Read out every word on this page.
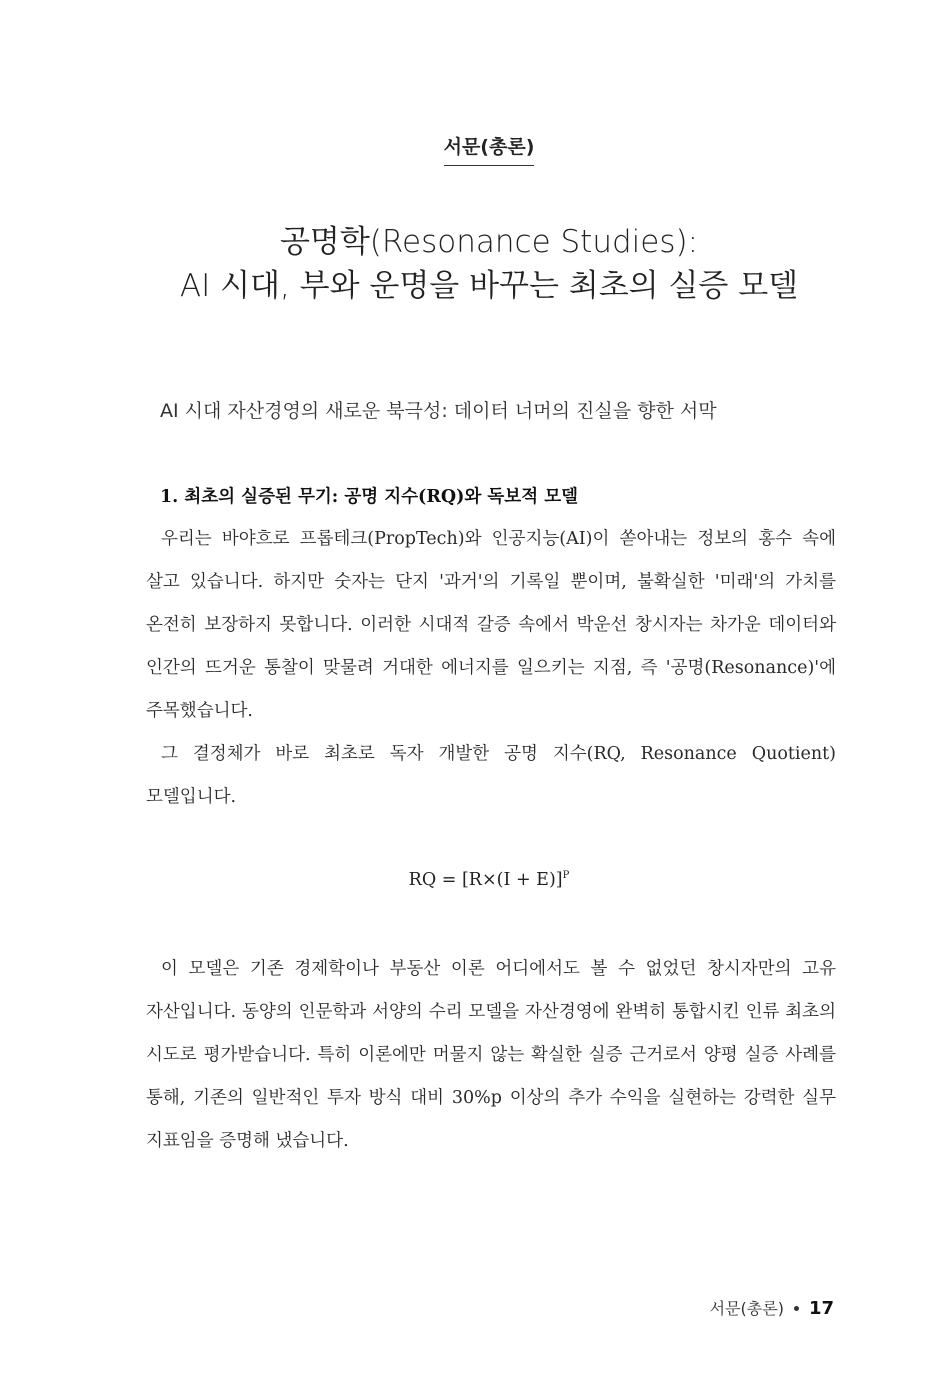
서문(총론)
공명학(Resonance Studies):
AI 시대, 부와 운명을 바꾸는 최초의 실증 모델
AI 시대 자산경영의 새로운 북극성: 데이터 너머의 진실을 향한 서막
1. 최초의 실증된 무기: 공명 지수(RQ)와 독보적 모델

우리는 바야흐로 프롭테크(PropTech)와 인공지능(AI)이 쏟아내는 정보의 홍수 속에 살고 있습니다. 하지만 숫자는 단지 '과거'의 기록일 뿐이며, 불확실한 '미래'의 가치를 온전히 보장하지 못합니다. 이러한 시대적 갈증 속에서 박운선 창시자는 차가운 데이터와 인간의 뜨거운 통찰이 맞물려 거대한 에너지를 일으키는 지점, 즉 '공명(Resonance)'에 주목했습니다.

그 결정체가 바로 최초로 독자 개발한 공명 지수(RQ, Resonance Quotient) 모델입니다.

RQ = $[R\times(I + E)]^P$

이 모델은 기존 경제학이나 부동산 이론 어디에서도 볼 수 없었던 창시자만의 고유 자산입니다. 동양의 인문학과 서양의 수리 모델을 자산경영에 완벽히 통합시킨 인류 최초의 시도로 평가받습니다. 특히 이론에만 머물지 않는 확실한 실증 근거로서 양평 실증 사례를 통해, 기존의 일반적인 투자 방식 대비 30%p 이상의 추가 수익을 실현하는 강력한 실무 지표임을 증명해 냈습니다.

서문(총론) 17
